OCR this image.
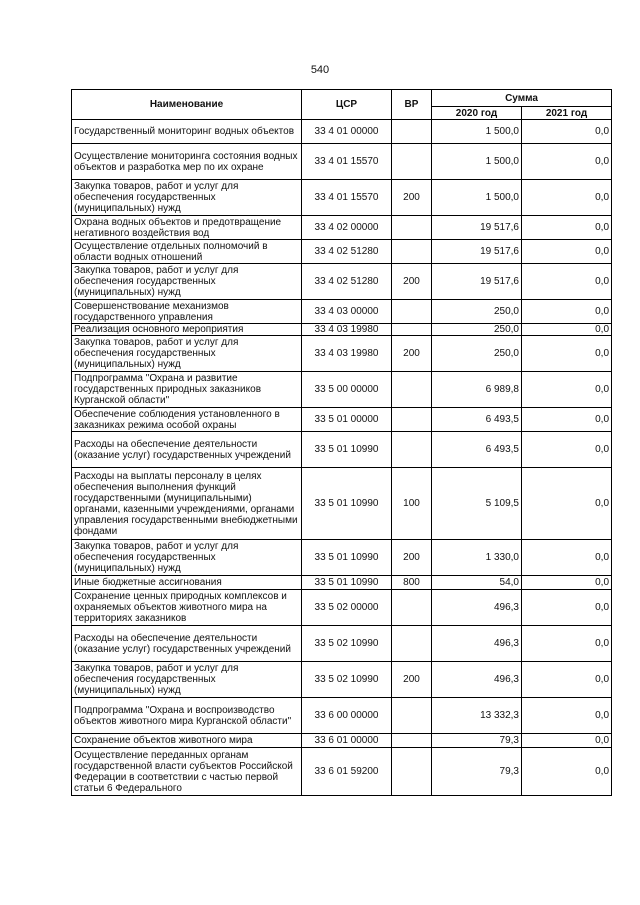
540
Наименование	ЦСР	ВР	Сумма	
			2020 год	2021 год
Государственный мониторинг водных объектов	33 4 01 00000		1 500,0	0,0
Осуществление мониторинга состояния водных объектов и разработка мер по их охране	33 4 01 15570		1 500,0	0,0
Закупка товаров, работ и услуг для обеспечения государственных (муниципальных) нужд	33 4 01 15570	200	1 500,0	0,0
Охрана водных объектов и предотвращение негативного воздействия вод	33 4 02 00000		19 517,6	0,0
Осуществление отдельных полномочий в области водных отношений	33 4 02 51280		19 517,6	0,0
Закупка товаров, работ и услуг для обеспечения государственных (муниципальных) нужд	33 4 02 51280	200	19 517,6	0,0
Совершенствование механизмов государственного управления	33 4 03 00000		250,0	0,0
Реализация основного мероприятия	33 4 03 19980		250,0	0,0
Закупка товаров, работ и услуг для обеспечения государственных (муниципальных) нужд	33 4 03 19980	200	250,0	0,0
Подпрограмма "Охрана и развитие государственных природных заказников Курганской области"	33 5 00 00000		6 989,8	0,0
Обеспечение соблюдения установленного в заказниках режима особой охраны	33 5 01 00000		6 493,5	0,0
Расходы на обеспечение деятельности (оказание услуг) государственных учреждений	33 5 01 10990		6 493,5	0,0
Расходы на выплаты персоналу в целях обеспечения выполнения функций государственными (муниципальными) органами, казенными учреждениями, органами управления государственными внебюджетными фондами	33 5 01 10990	100	5 109,5	0,0
Закупка товаров, работ и услуг для обеспечения государственных (муниципальных) нужд	33 5 01 10990	200	1 330,0	0,0
Иные бюджетные ассигнования	33 5 01 10990	800	54,0	0,0
Сохранение ценных природных комплексов и охраняемых объектов животного мира на территориях заказников	33 5 02 00000		496,3	0,0
Расходы на обеспечение деятельности (оказание услуг) государственных учреждений	33 5 02 10990		496,3	0,0
Закупка товаров, работ и услуг для обеспечения государственных (муниципальных) нужд	33 5 02 10990	200	496,3	0,0
Подпрограмма "Охрана и воспроизводство объектов животного мира Курганской области"	33 6 00 00000		13 332,3	0,0
Сохранение объектов животного мира	33 6 01 00000		79,3	0,0
Осуществление переданных органам государственной власти субъектов Российской Федерации в соответствии с частью первой статьи 6 Федерального	33 6 01 59200		79,3	0,0
